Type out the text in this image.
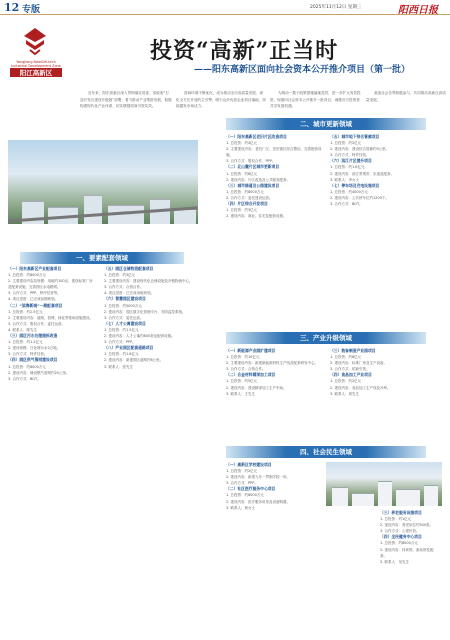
12 专版	2025年11月12日 星期三	阳西日报
Yangjiang New&Hi-tech Industrial Development Zone
阳江高新区
投资“高新”正当时
——阳东高新区面向社会资本公开推介项目（第一批）
近年来，阳东高新区深入贯彻落实省委、省政府“打造开发区建设升级版”部署，着力推动产业集群发展，积极构建现代化产业体系，切实增强招商引资实效。
营商环境不断优化，成为推动全市高质量发展、深化全方位开放的主引擎，吸引众多优质企业项目落地，持续激发市场活力。
为推动一揽子政策措施落地见效，进一步扩大有效投资，现面向社会资本公开推介一批项目，诚邀各方投资者共享发展机遇。
欢迎社会各界积极参与，共同推动高新区高质量发展。
一、要素配套领域
二、城市更新领域
三、产业升级领域
四、社会民生领域
（一）阳东高新区产业配套项目
1. 总投资：约8000万元
2. 主要建设内容及规模：用地约100亩，建设标准厂房及配套设施，完善园区水电路网。
3. 合作方式：PPP、特许经营等。
4. 项目进度：已完成前期规划。
（二）“滨海新城”一期配套项目
1. 总投资：约2.5亿元
2. 主要建设内容：道路、管网、绿化等基础设施建设。
3. 合作方式：股权合作、委托运营。
4. 联系人：陈先生
（三）园区污水处理提标改造
1. 总投资：约1.2亿元
2. 建设规模：日处理污水2万吨。
3. 合作方式：特许经营。
（四）园区供气管网建设项目
1. 总投资：约6000万元
2. 建设内容：铺设燃气管网约20公里。
3. 合作方式：BOT。
（五）园区仓储物流配套项目
1. 总投资：约3亿元
2. 主要建设内容：建设现代化仓储设施及冷链物流中心。
3. 合作方式：合资合作。
4. 项目进度：已完成用地规划。
（六）智慧园区建设项目
1. 总投资：约5000万元
2. 建设内容：园区数字化管理平台、安防监控系统。
3. 合作方式：委托运营。
（七）人才公寓建设项目
1. 总投资：约1.5亿元
2. 建设内容：人才公寓约800套及配套设施。
3. 合作方式：PPP。
（八）产业园区配套道路项目
1. 总投资：约1.8亿元
2. 建设内容：新建园区道路约6公里。
3. 联系人：张先生
（一）阳东高新区老旧片区改造项目
1. 总投资：约4亿元
2. 主要建设内容：老旧厂区、老旧街区综合整治，完善配套设施。
3. 合作方式：股权合作、PPP。
（二）北山麓片区城市更新项目
1. 总投资：约6亿元
2. 建设内容：片区改造及公共服务配套。
（三）城市绿道及公园建设项目
1. 总投资：约8000万元
2. 合作方式：委托建设运营。
（四）片区综合开发项目
1. 总投资：约3亿元
2. 建设内容：商业、住宅及配套设施。
（五）城市地下综合管廊项目
1. 总投资：约2亿元
2. 建设内容：建设综合管廊约5公里。
3. 合作方式：特许经营。
（六）滨江片区提升项目
1. 总投资：约1.6亿元
2. 建设内容：滨江景观带、步道及配套。
3. 联系人：李女士
（七）停车场及充电设施项目
1. 总投资：约4000万元
2. 建设内容：公共停车位约1200个。
3. 合作方式：BOT。
（一）新能源产业园扩建项目
1. 总投资：约10亿元
2. 主要建设内容：新建新能源材料生产线及配套研发中心。
3. 合作方式：合资合作。
（二）合金材料精深加工项目
1. 总投资：约5亿元
2. 建设内容：建设精深加工生产车间。
3. 联系人：王先生
（三）装备制造产业园项目
1. 总投资：约8亿元
2. 建设内容：标准厂房及生产设备。
3. 合作方式：招商引资。
（四）食品加工产业项目
1. 总投资：约2亿元
2. 建设内容：食品加工生产线及冷库。
3. 联系人：周先生
（一）高新区学校建设项目
1. 总投资：约2亿元
2. 建设内容：新建九年一贯制学校一所。
3. 合作方式：PPP。
（二）社区医疗服务中心项目
1. 总投资：约6000万元
2. 建设内容：医疗服务用房及设备购置。
3. 联系人：黄女士
（三）养老服务设施项目
1. 总投资：约1亿元
2. 建设内容：养老床位约500张。
3. 合作方式：公建民营。
（四）全民健身中心项目
1. 总投资：约8000万元
2. 建设内容：体育馆、游泳馆及配套。
3. 联系人：吴先生
